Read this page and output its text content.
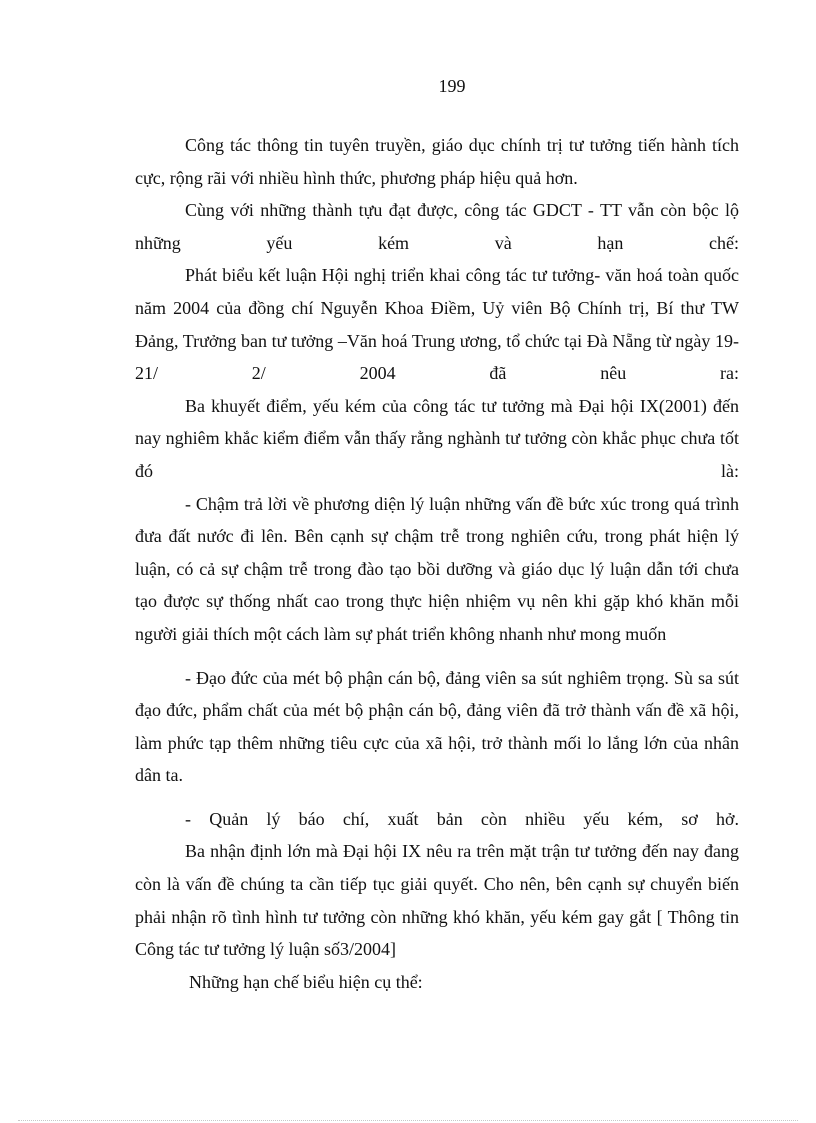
199

Công tác thông tin tuyên truyền, giáo dục chính trị tư tưởng tiến hành tích cực, rộng rãi với nhiều hình thức, phương pháp hiệu quả hơn.

Cùng với những thành tựu đạt được, công tác GDCT - TT vẫn còn bộc lộ những yếu kém và hạn chế:

Phát biểu kết luận Hội nghị triển khai công tác tư tưởng- văn hoá toàn quốc năm 2004 của đồng chí Nguyễn Khoa Điềm, Uỷ viên Bộ Chính trị, Bí thư TW Đảng, Trưởng ban tư tưởng –Văn hoá Trung ương, tổ chức tại Đà Nẵng từ ngày 19-21/ 2/ 2004 đã nêu ra:

Ba khuyết điểm, yếu kém của công tác tư tưởng mà Đại hội IX(2001) đến nay nghiêm khắc kiểm điểm vẫn thấy rằng nghành tư tưởng còn khắc phục chưa tốt đó là:

- Chậm trả lời về phương diện lý luận những vấn đề bức xúc trong quá trình đưa đất nước đi lên. Bên cạnh sự chậm trễ trong nghiên cứu, trong phát hiện lý luận, có cả sự chậm trễ trong đào tạo bồi dưỡng và giáo dục lý luận dẫn tới chưa tạo được sự thống nhất cao trong thực hiện nhiệm vụ nên khi gặp khó khăn mỗi người giải thích một cách làm sự phát triển không nhanh như mong muốn

- Đạo đức của mét bộ phận cán bộ, đảng viên sa sút nghiêm trọng. Sù sa sút đạo đức, phẩm chất của mét bộ phận cán bộ, đảng viên đã trở thành vấn đề xã hội, làm phức tạp thêm những tiêu cực của xã hội, trở thành mối lo lắng lớn của nhân dân ta.

- Quản lý báo chí, xuất bản còn nhiều yếu kém, sơ hở.

Ba nhận định lớn mà Đại hội IX nêu ra trên mặt trận tư tưởng đến nay đang còn là vấn đề chúng ta cần tiếp tục giải quyết. Cho nên, bên cạnh sự chuyển biến phải nhận rõ tình hình tư tưởng còn những khó khăn, yếu kém gay gắt [ Thông tin Công tác tư tưởng lý luận số3/2004]

Những hạn chế biểu hiện cụ thể:
